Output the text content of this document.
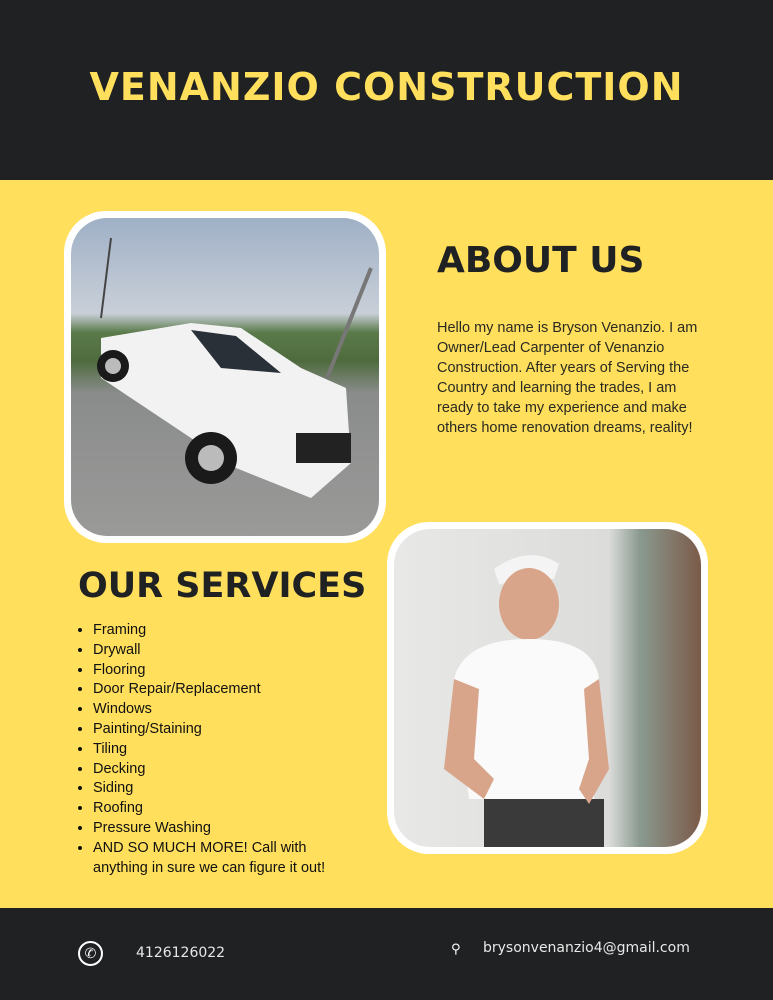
VENANZIO CONSTRUCTION
ABOUT US

Hello my name is Bryson Venanzio. I am Owner/Lead Carpenter of Venanzio Construction. After years of Serving the Country and learning the trades, I am ready to take my experience and make others home renovation dreams, reality!

OUR SERVICES
• Framing
• Drywall
• Flooring
• Door Repair/Replacement
• Windows
• Painting/Staining
• Tiling
• Decking
• Siding
• Roofing
• Pressure Washing
• AND SO MUCH MORE! Call with anything in sure we can figure it out!
✆	4126126022	⚲ brysonvenanzio4@gmail.com
